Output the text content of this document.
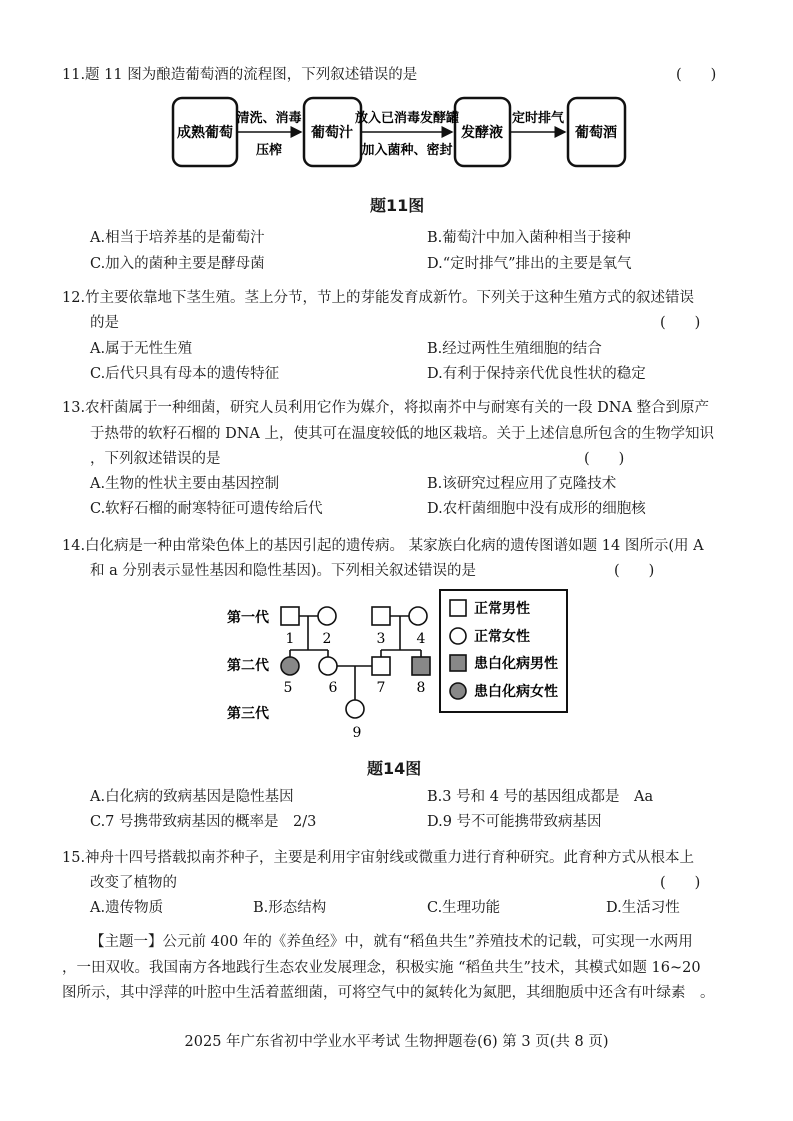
11.题 11 图为酿造葡萄酒的流程图，下列叙述错误的是	(　　)
成熟葡萄	葡萄汁	发酵液	葡萄酒
清洗、消毒
压榨
放入已消毒发酵罐
加入菌种、密封
定时排气
题11图
A.相当于培养基的是葡萄汁	B.葡萄汁中加入菌种相当于接种
C.加入的菌种主要是酵母菌	D.“定时排气”排出的主要是氧气
12.竹主要依靠地下茎生殖。茎上分节，节上的芽能发育成新竹。下列关于这种生殖方式的叙述错误
的是	(　　)
A.属于无性生殖	B.经过两性生殖细胞的结合
C.后代只具有母本的遗传特征	D.有利于保持亲代优良性状的稳定
13.农杆菌属于一种细菌，研究人员利用它作为媒介，将拟南芥中与耐寒有关的一段 DNA 整合到原产
于热带的软籽石榴的 DNA 上，使其可在温度较低的地区栽培。关于上述信息所包含的生物学知识
，下列叙述错误的是	(　　)
A.生物的性状主要由基因控制	B.该研究过程应用了克隆技术
C.软籽石榴的耐寒特征可遗传给后代	D.农杆菌细胞中没有成形的细胞核
14.白化病是一种由常染色体上的基因引起的遗传病。 某家族白化病的遗传图谱如题 14 图所示(用 A
和 a 分别表示显性基因和隐性基因)。下列相关叙述错误的是	(　　)
第一代
第二代
第三代
1 2	3 4
5	6	7 8
9
正常男性
正常女性
患白化病男性
患白化病女性
题14图
A.白化病的致病基因是隐性基因	B.3 号和 4 号的基因组成都是　Aa
C.7 号携带致病基因的概率是　2/3	D.9 号不可能携带致病基因
15.神舟十四号搭载拟南芥种子，主要是利用宇宙射线或微重力进行育种研究。此育种方式从根本上
改变了植物的	(　　)
A.遗传物质	B.形态结构	C.生理功能	D.生活习性
【主题一】公元前 400 年的《养鱼经》中，就有“稻鱼共生”养殖技术的记载，可实现一水两用
，一田双收。我国南方各地践行生态农业发展理念，积极实施 “稻鱼共生”技术，其模式如题 16~20
图所示，其中浮萍的叶腔中生活着蓝细菌，可将空气中的氮转化为氮肥，其细胞质中还含有叶绿素　。
2025 年广东省初中学业水平考试 生物押题卷(6) 第 3 页(共 8 页)
